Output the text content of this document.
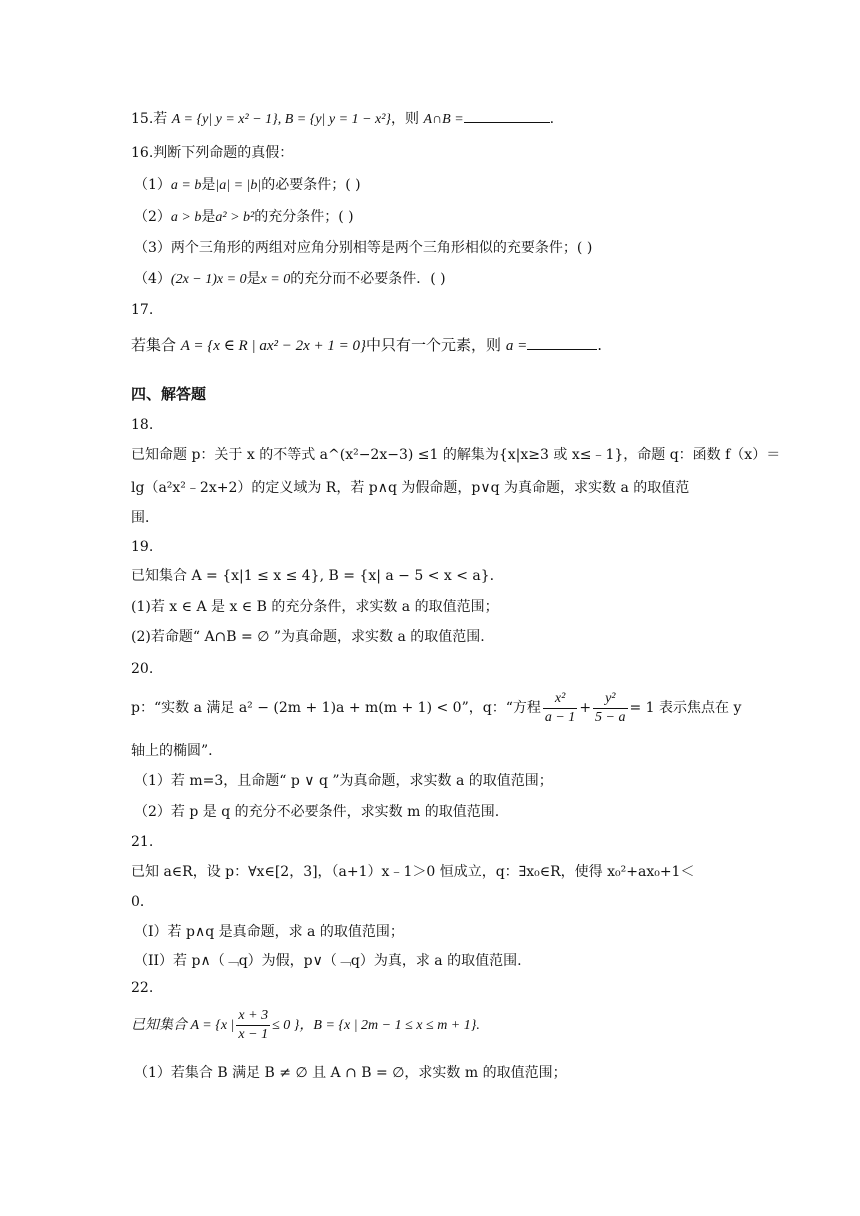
15.若 A = {y| y = x² − 1}, B = {y| y = 1 − x²}，则 A∩B =	.
16.判断下列命题的真假：
（1）a = b是|a| = |b|的必要条件；( )
（2）a > b是a² > b²的充分条件；( )
（3）两个三角形的两组对应角分别相等是两个三角形相似的充要条件；( )
（4）(2x − 1)x = 0是x = 0的充分而不必要条件．( )
17.
若集合 A = {x ∈ R | ax² − 2x + 1 = 0}中只有一个元素，则 a =	.
四、解答题
18.
已知命题 p：关于 x 的不等式 a^(x²−2x−3) ≤1 的解集为{x|x≥3 或 x≤﹣1}，命题 q：函数 f（x）＝
lg（a²x²﹣2x+2）的定义域为 R，若 p∧q 为假命题，p∨q 为真命题，求实数 a 的取值范
围．
19.
已知集合 A = {x|1 ≤ x ≤ 4}, B = {x| a − 5 < x < a}.
(1)若 x ∈ A 是 x ∈ B 的充分条件，求实数 a 的取值范围；
(2)若命题“ A∩B = ∅ ”为真命题，求实数 a 的取值范围.
20.
p：“实数 a 满足 a² − (2m + 1)a + m(m + 1) < 0”，q：“方程 $\frac{\text{x²}}{a - 1} + \frac{\text{y²}}{5 - a} = 1$ 表示焦点在 y
轴上的椭圆”.
（1）若 m=3，且命题“ p ∨ q ”为真命题，求实数 a 的取值范围；
（2）若 p 是 q 的充分不必要条件，求实数 m 的取值范围.
21.
已知 a∈R，设 p：∀x∈[2，3]，（a+1）x﹣1＞0 恒成立，q：∃x₀∈R，使得 x₀²+ax₀+1＜
0．
（I）若 p∧q 是真命题，求 a 的取值范围；
（II）若 p∧（﹁q）为假，p∨（﹁q）为真，求 a 的取值范围.
22.
已知集合 A = {x | $\frac{x + 3}{x - 1} \le 0$ }，B = {x | 2m − 1 ≤ x ≤ m + 1}.
（1）若集合 B 满足 B ≠ ∅ 且 A ∩ B = ∅，求实数 m 的取值范围；
